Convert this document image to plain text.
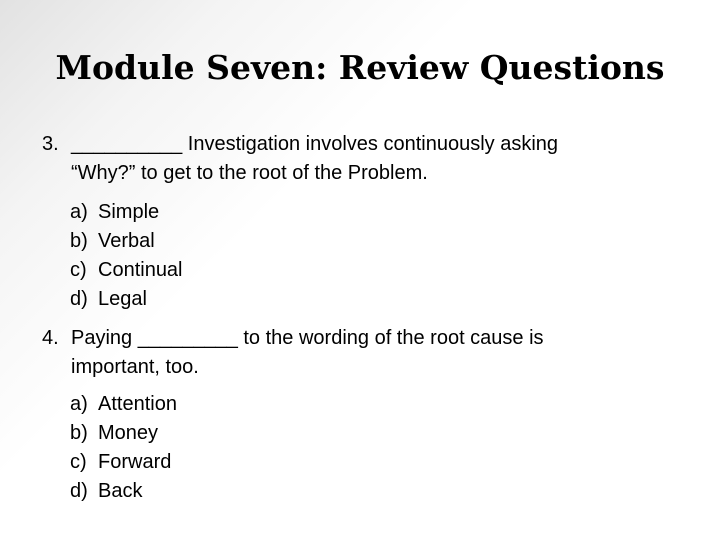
Module Seven: Review Questions
3. __________ Investigation involves continuously asking
“Why?” to get to the root of the Problem.
a) Simple
b) Verbal
c) Continual
d) Legal
4. Paying _________ to the wording of the root cause is
important, too.
a) Attention
b) Money
c) Forward
d) Back
